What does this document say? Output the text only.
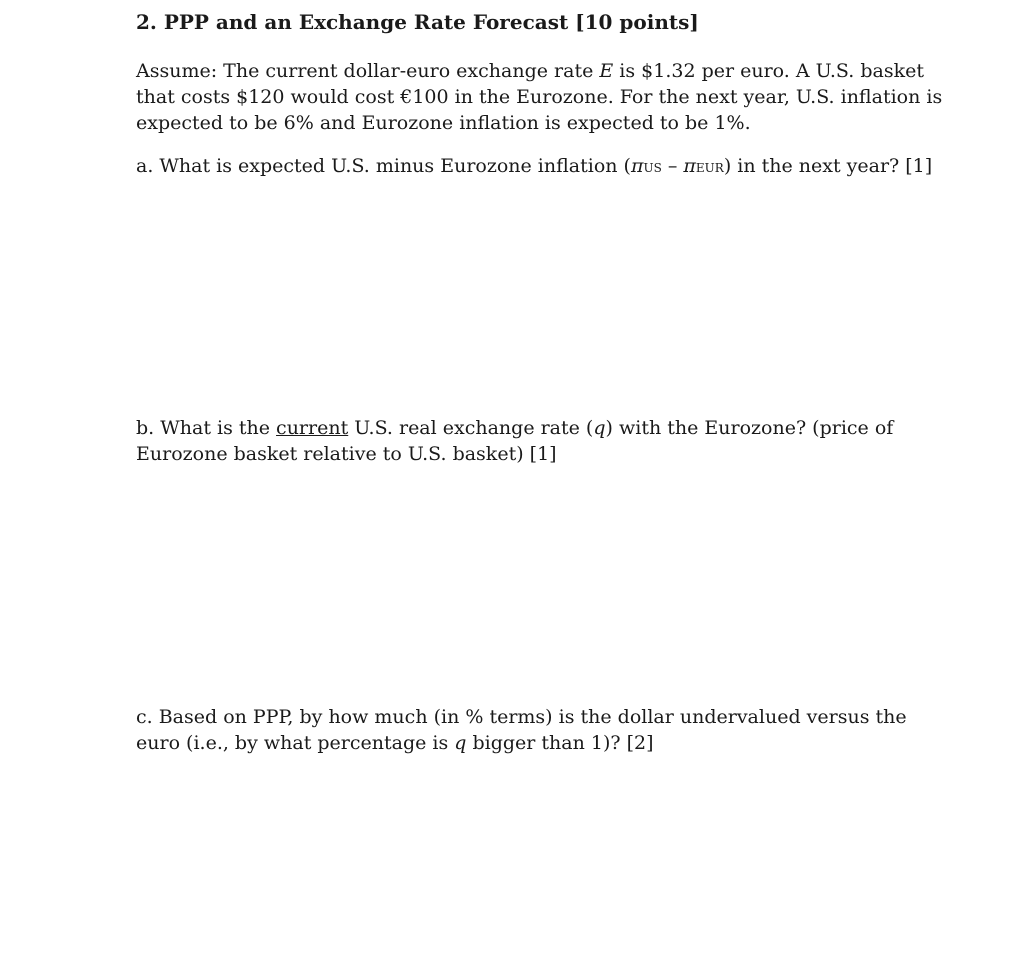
2. PPP and an Exchange Rate Forecast [10 points]
Assume: The current dollar-euro exchange rate E is $1.32 per euro. A U.S. basket
that costs $120 would cost €100 in the Eurozone. For the next year, U.S. inflation is
expected to be 6% and Eurozone inflation is expected to be 1%.
a. What is expected U.S. minus Eurozone inflation (πUS – πEUR) in the next year? [1]
b. What is the current U.S. real exchange rate (q) with the Eurozone? (price of
Eurozone basket relative to U.S. basket) [1]
c. Based on PPP, by how much (in % terms) is the dollar undervalued versus the
euro (i.e., by what percentage is q bigger than 1)? [2]
